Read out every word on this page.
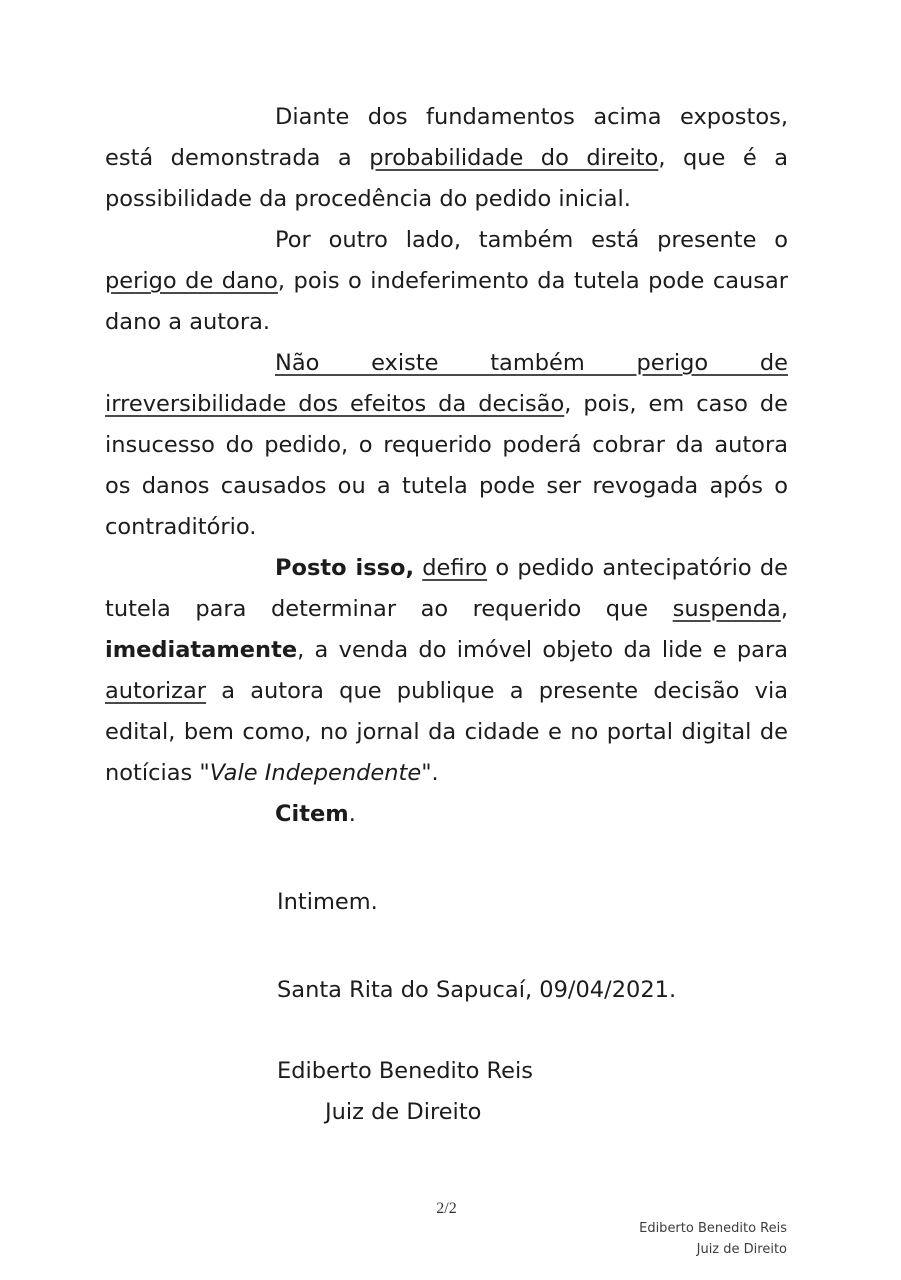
Diante dos fundamentos acima expostos,
está demonstrada a probabilidade do direito, que é a
possibilidade da procedência do pedido inicial.
Por outro lado, também está presente o
perigo de dano, pois o indeferimento da tutela pode causar
dano a autora.
Não existe também perigo de
irreversibilidade dos efeitos da decisão, pois, em caso de
insucesso do pedido, o requerido poderá cobrar da autora
os danos causados ou a tutela pode ser revogada após o
contraditório.
Posto isso, defiro o pedido antecipatório de
tutela para determinar ao requerido que suspenda,
imediatamente, a venda do imóvel objeto da lide e para
autorizar a autora que publique a presente decisão via
edital, bem como, no jornal da cidade e no portal digital de
notícias "Vale Independente".
Citem.
Intimem.
Santa Rita do Sapucaí, 09/04/2021.
Ediberto Benedito Reis
Juiz de Direito
2/2
Ediberto Benedito Reis
Juiz de Direito
